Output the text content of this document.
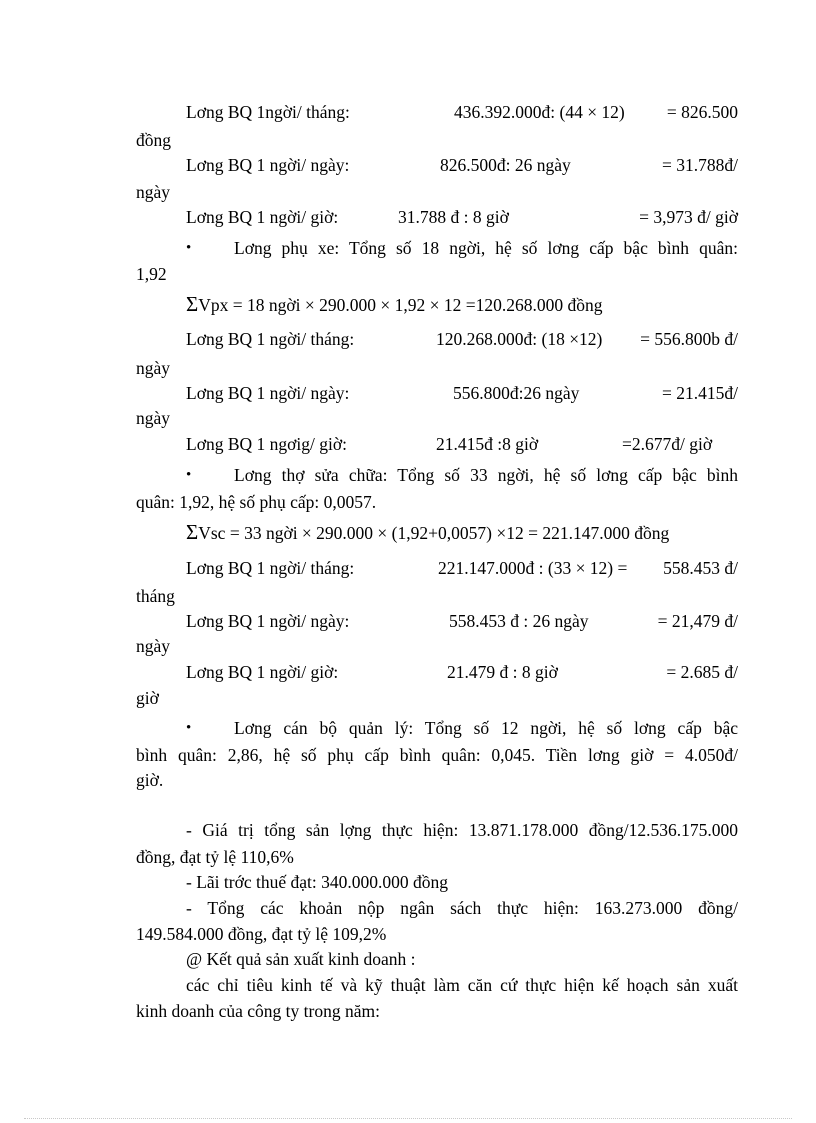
Lơng BQ 1ngời/ tháng:	436.392.000đ: (44 × 12) = 826.500
đồng
Lơng BQ 1 ngời/ ngày:	826.500đ: 26 ngày	= 31.788đ/
ngày
Lơng BQ 1 ngời/ giờ:	31.788 đ : 8 giờ	= 3,973 đ/ giờ
• Lơng phụ xe: Tổng số 18 ngời, hệ số lơng cấp bậc bình quân:
1,92
ΣVpx = 18 ngời × 290.000 × 1,92 × 12 =120.268.000 đồng
Lơng BQ 1 ngời/ tháng:	120.268.000đ: (18 ×12) = 556.800b đ/
ngày
Lơng BQ 1 ngời/ ngày:	556.800đ:26 ngày	= 21.415đ/
ngày
Lơng BQ 1 ngơig/ giờ:	21.415đ :8 giờ	=2.677đ/ giờ
• Lơng thợ sửa chữa: Tổng số 33 ngời, hệ số lơng cấp bậc bình
quân: 1,92, hệ số phụ cấp: 0,0057.
ΣVsc = 33 ngời × 290.000 × (1,92+0,0057) ×12 = 221.147.000 đồng
Lơng BQ 1 ngời/ tháng:	221.147.000đ : (33 × 12) = 558.453 đ/
tháng
Lơng BQ 1 ngời/ ngày:	558.453 đ : 26 ngày	= 21,479 đ/
ngày
Lơng BQ 1 ngời/ giờ:	21.479 đ : 8 giờ	= 2.685 đ/
giờ
• Lơng cán bộ quản lý: Tổng số 12 ngời, hệ số lơng cấp bậc
bình quân: 2,86, hệ số phụ cấp bình quân: 0,045. Tiền lơng giờ = 4.050đ/
giờ.
- Giá trị tổng sản lợng thực hiện: 13.871.178.000 đồng/12.536.175.000
đồng, đạt tỷ lệ 110,6%
- Lãi trớc thuế đạt: 340.000.000 đồng
- Tổng các khoản nộp ngân sách thực hiện: 163.273.000 đồng/
149.584.000 đồng, đạt tỷ lệ 109,2%
@ Kết quả sản xuất kinh doanh :
các chỉ tiêu kinh tế và kỹ thuật làm căn cứ thực hiện kế hoạch sản xuất
kinh doanh của công ty trong năm:
